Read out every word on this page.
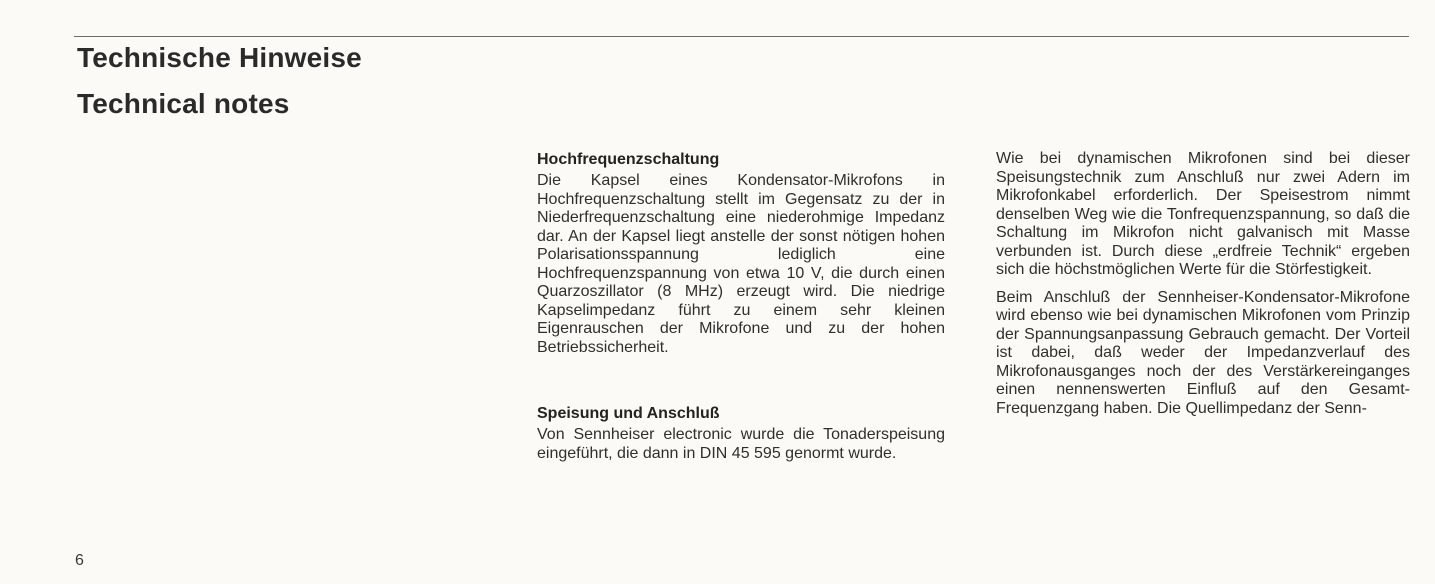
Technische Hinweise
Technical notes
Hochfrequenzschaltung

Die Kapsel eines Kondensator-Mikrofons in Hochfrequenzschaltung stellt im Gegensatz zu der in Niederfrequenzschaltung eine niederohmige Impedanz dar. An der Kapsel liegt anstelle der sonst nötigen hohen Polarisationsspannung lediglich eine Hochfrequenzspannung von etwa 10 V, die durch einen Quarzoszillator (8 MHz) erzeugt wird. Die niedrige Kapselimpedanz führt zu einem sehr kleinen Eigenrauschen der Mikrofone und zu der hohen Betriebssicherheit.

Speisung und Anschluß

Von Sennheiser electronic wurde die Tonaderspeisung eingeführt, die dann in DIN 45 595 genormt wurde.

Wie bei dynamischen Mikrofonen sind bei dieser Speisungstechnik zum Anschluß nur zwei Adern im Mikrofonkabel erforderlich. Der Speisestrom nimmt denselben Weg wie die Tonfrequenzspannung, so daß die Schaltung im Mikrofon nicht galvanisch mit Masse verbunden ist. Durch diese „erdfreie Technik“ ergeben sich die höchstmöglichen Werte für die Störfestigkeit.

Beim Anschluß der Sennheiser-Kondensator-Mikrofone wird ebenso wie bei dynamischen Mikrofonen vom Prinzip der Spannungsanpassung Gebrauch gemacht. Der Vorteil ist dabei, daß weder der Impedanzverlauf des Mikrofonausganges noch der des Verstärkereinganges einen nennenswerten Einfluß auf den Gesamt-Frequenzgang haben. Die Quellimpedanz der Senn-

6
